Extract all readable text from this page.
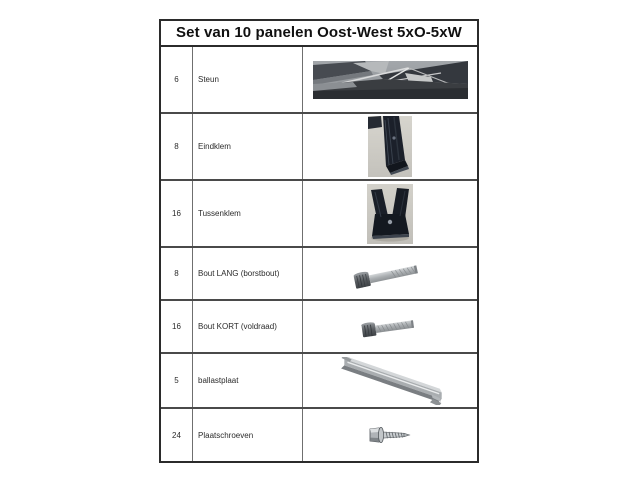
Set van 10 panelen Oost-West 5xO-5xW
6	Steun
8	Eindklem
16	Tussenklem
8	Bout LANG (borstbout)
16	Bout KORT (voldraad)
5	ballastplaat
24	Plaatschroeven
